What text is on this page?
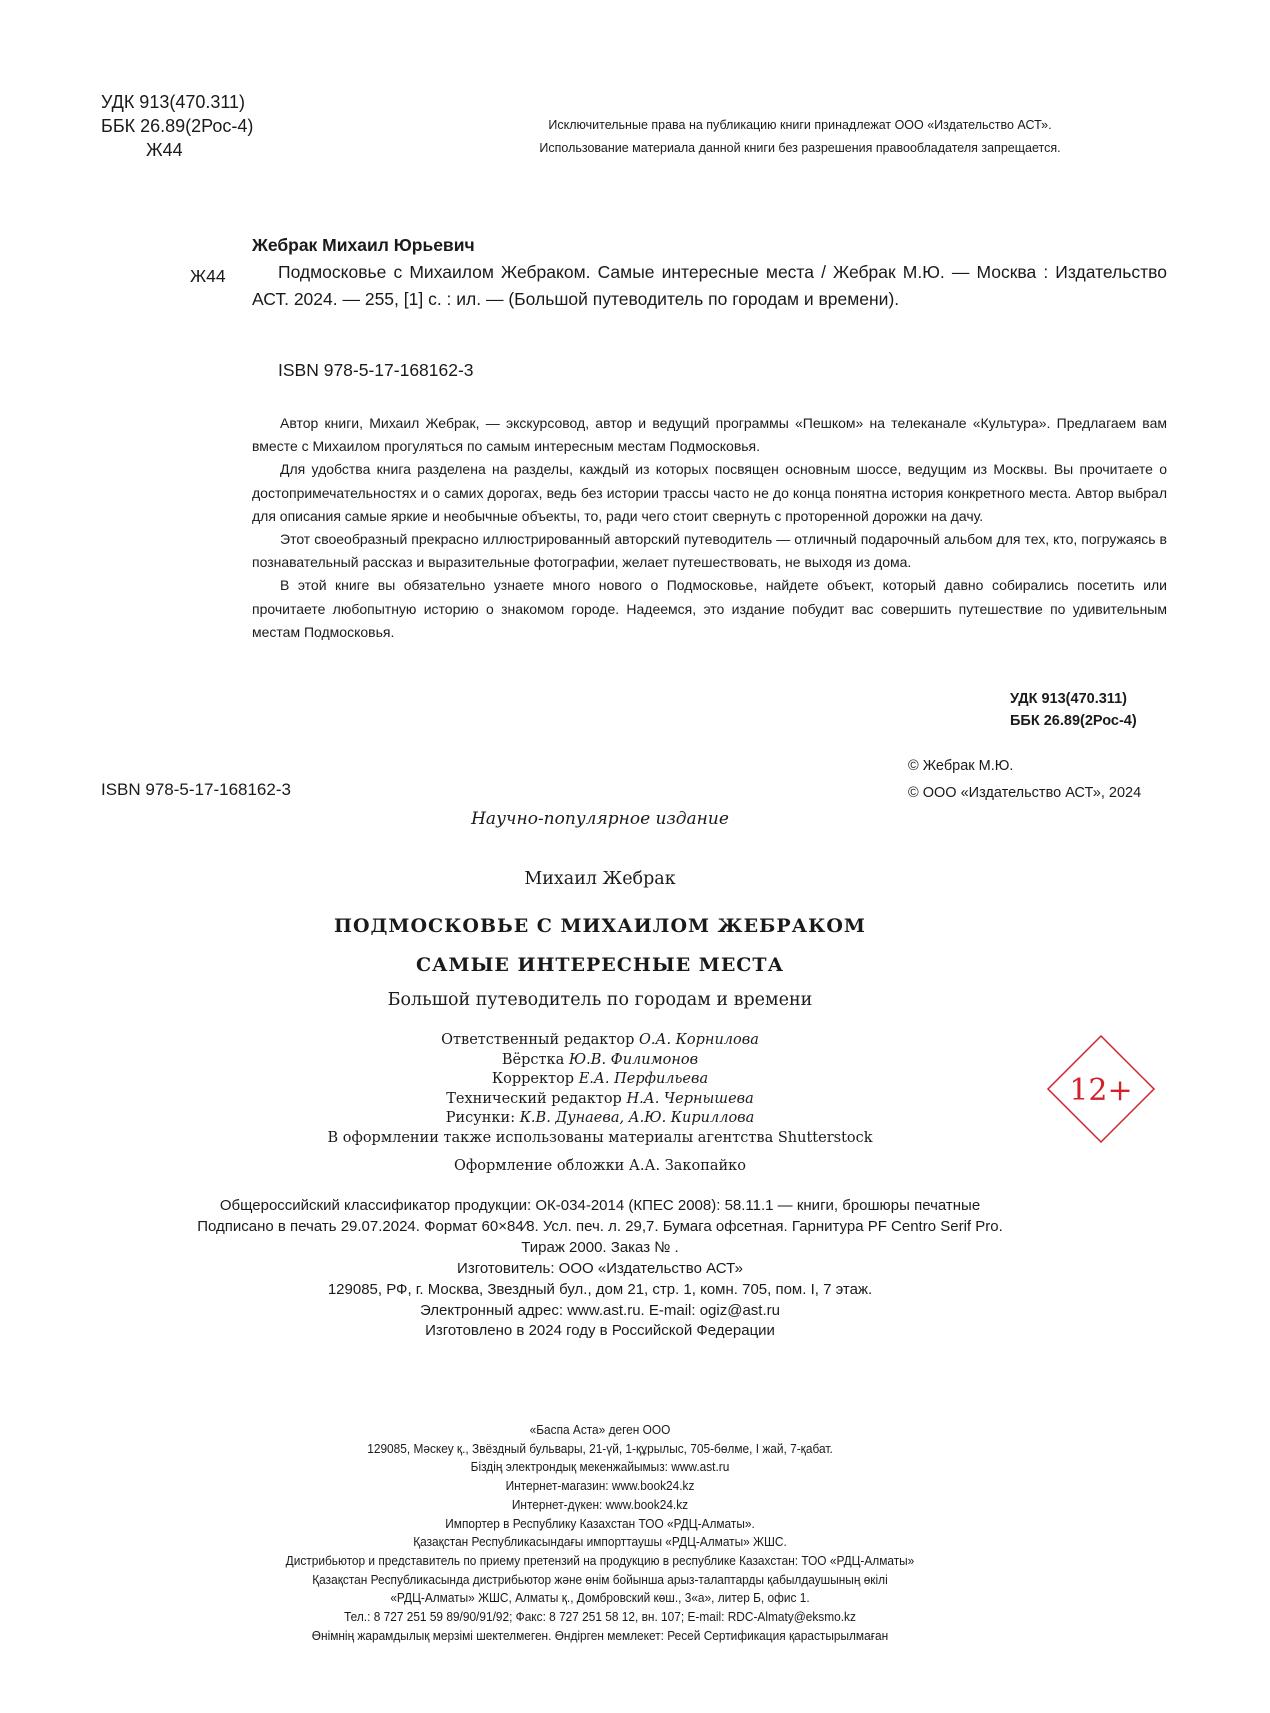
УДК 913(470.311)
ББК 26.89(2Рос-4)
Ж44
Исключительные права на публикацию книги принадлежат ООО «Издательство АСТ».
Использование материала данной книги без разрешения правообладателя запрещается.
Ж44
Жебрак Михаил Юрьевич

Подмосковье с Михаилом Жебраком. Самые интересные места / Жебрак М.Ю. — Москва : Издательство АСТ. 2024. — 255, [1] с. : ил. — (Большой путеводитель по городам и времени).

ISBN 978-5-17-168162-3

Автор книги, Михаил Жебрак, — экскурсовод, автор и ведущий программы «Пешком» на телеканале «Культура». Предлагаем вам вместе с Михаилом прогуляться по самым интересным местам Подмосковья.

Для удобства книга разделена на разделы, каждый из которых посвящен основным шоссе, ведущим из Москвы. Вы прочитаете о достопримечательностях и о самих дорогах, ведь без истории трассы часто не до конца понятна история конкретного места. Автор выбрал для описания самые яркие и необычные объекты, то, ради чего стоит свернуть с проторенной дорожки на дачу.

Этот своеобразный прекрасно иллюстрированный авторский путеводитель — отличный подарочный альбом для тех, кто, погружаясь в познавательный рассказ и выразительные фотографии, желает путешествовать, не выходя из дома.

В этой книге вы обязательно узнаете много нового о Подмосковье, найдете объект, который давно собирались посетить или прочитаете любопытную историю о знакомом городе. Надеемся, это издание побудит вас совершить путешествие по удивительным местам Подмосковья.

УДК 913(470.311)
ББК 26.89(2Рос-4)
© Жебрак М.Ю.
© ООО «Издательство АСТ», 2024
ISBN 978-5-17-168162-3
Научно-популярное издание
Михаил Жебрак
ПОДМОСКОВЬЕ С МИХАИЛОМ ЖЕБРАКОМ
САМЫЕ ИНТЕРЕСНЫЕ МЕСТА
Большой путеводитель по городам и времени
Ответственный редактор О.А. Корнилова
Вёрстка Ю.В. Филимонов
Корректор Е.А. Перфильева
Технический редактор Н.А. Чернышева
Рисунки: К.В. Дунаева, А.Ю. Кириллова
В оформлении также использованы материалы агентства Shutterstock
Оформление обложки А.А. Закопайко
12+
Общероссийский классификатор продукции: ОК-034-2014 (КПЕС 2008): 58.11.1 — книги, брошюры печатные
Подписано в печать 29.07.2024. Формат 60×84⁄8. Усл. печ. л. 29,7. Бумага офсетная. Гарнитура PF Centro Serif Pro.
Тираж 2000. Заказ № .
Изготовитель: ООО «Издательство АСТ»
129085, РФ, г. Москва, Звездный бул., дом 21, стр. 1, комн. 705, пом. I, 7 этаж.
Электронный адрес: www.ast.ru. E-mail: ogiz@ast.ru
Изготовлено в 2024 году в Российской Федерации
«Баспа Аста» деген ООО
129085, Мәскеу қ., Звёздный бульвары, 21-үй, 1-құрылыс, 705-бөлме, I жай, 7-қабат.
Біздің электрондық мекенжайымыз: www.ast.ru
Интернет-магазин: www.book24.kz
Интернет-дүкен: www.book24.kz
Импортер в Республику Казахстан ТОО «РДЦ-Алматы».
Қазақстан Республикасындағы импорттаушы «РДЦ-Алматы» ЖШС.
Дистрибьютор и представитель по приему претензий на продукцию в республике Казахстан: ТОО «РДЦ-Алматы»
Қазақстан Республикасында дистрибьютор және өнім бойынша арыз-талаптарды қабылдаушының өкілі
«РДЦ-Алматы» ЖШС, Алматы қ., Домбровский көш., 3«а», литер Б, офис 1.
Тел.: 8 727 251 59 89/90/91/92; Факс: 8 727 251 58 12, вн. 107; E-mail: RDC-Almaty@eksmo.kz
Өнімнің жарамдылық мерзімі шектелмеген. Өндірген мемлекет: Ресей Сертификация қарастырылмаған
